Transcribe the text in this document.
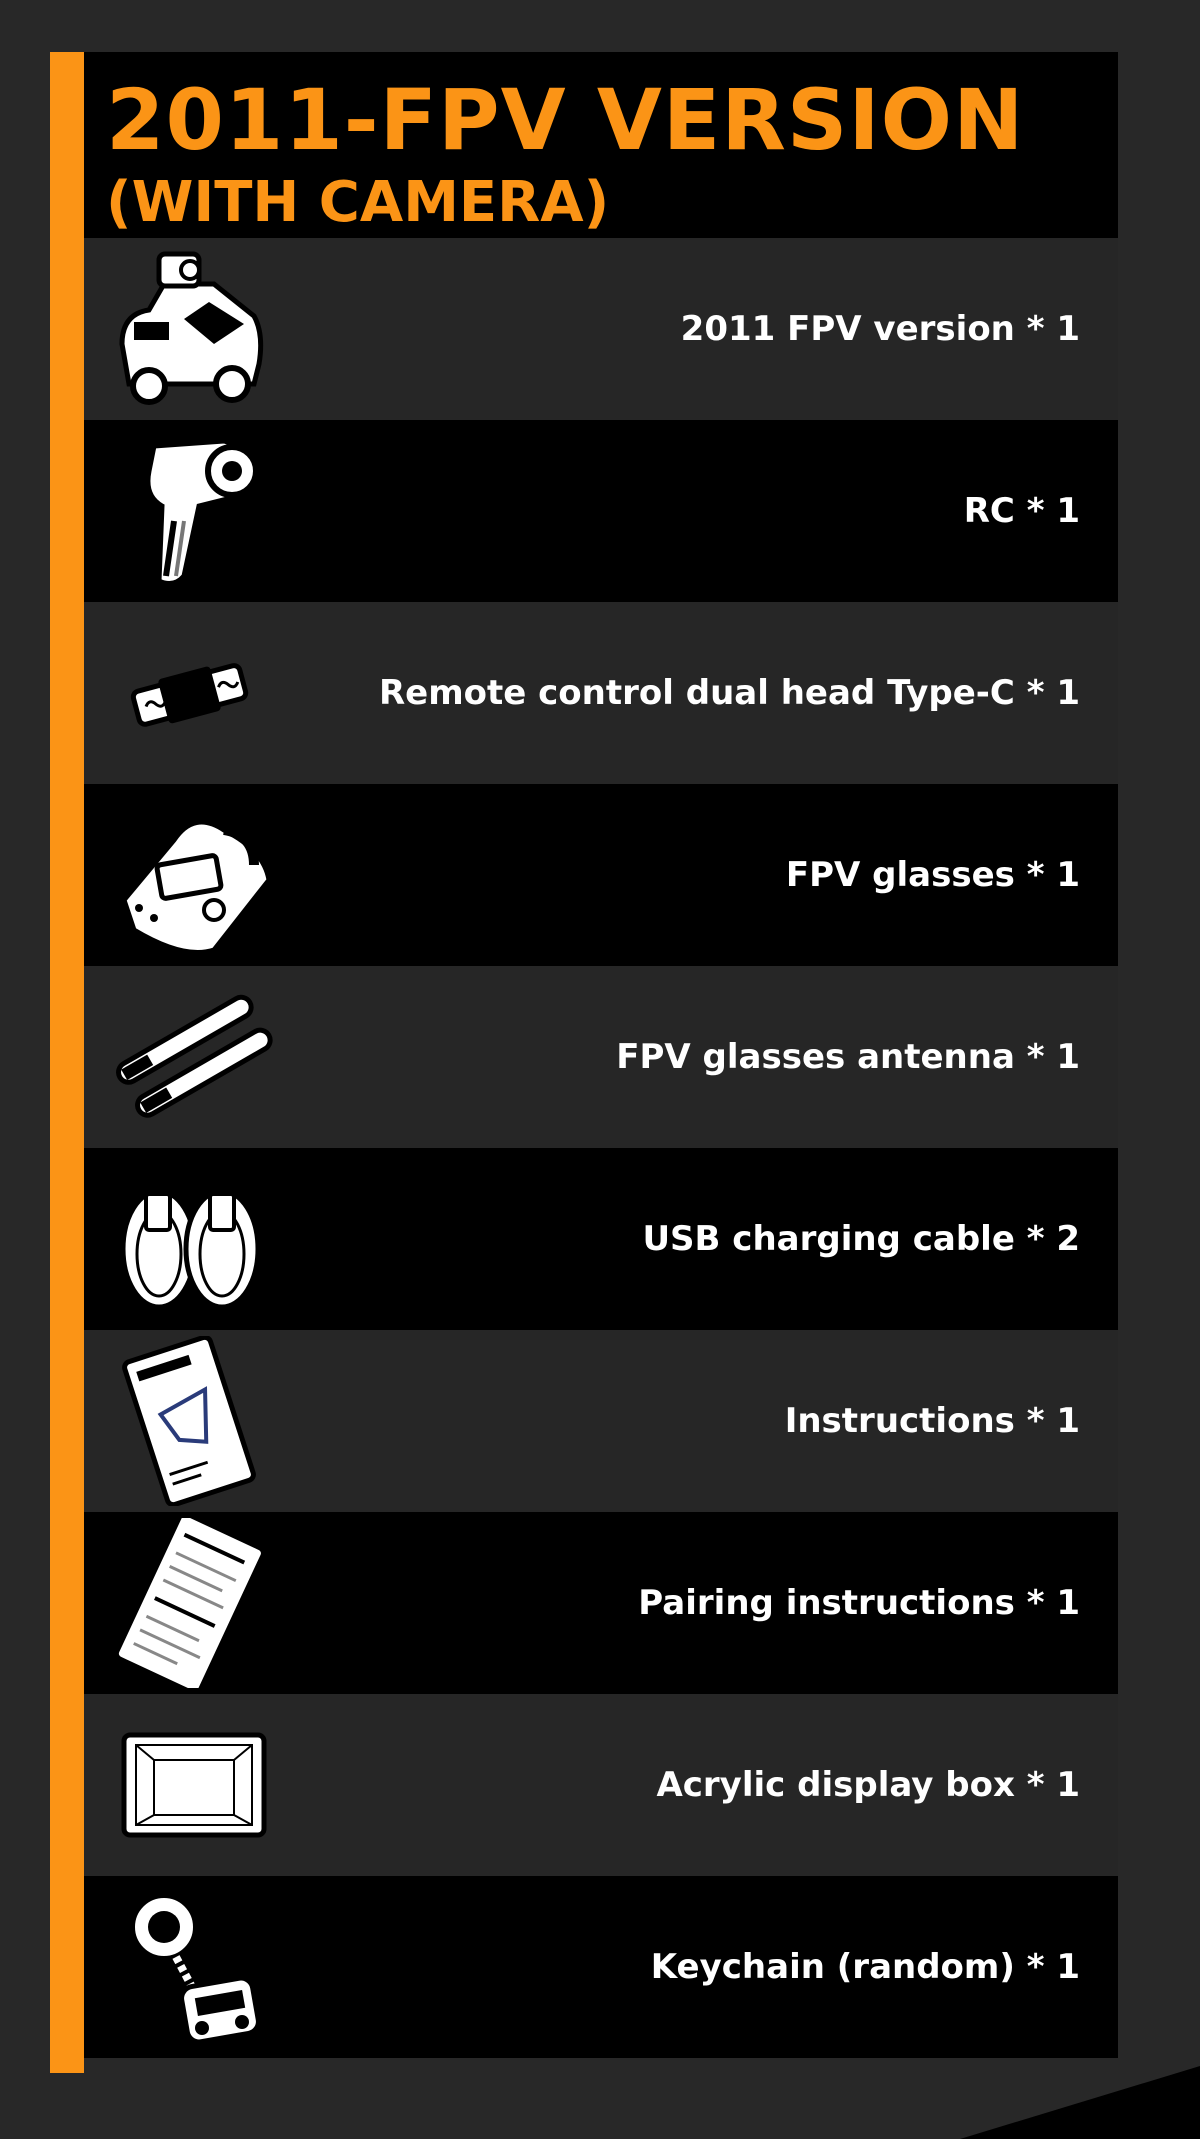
2011-FPV VERSION
(WITH CAMERA)
2011 FPV version * 1
RC * 1
Remote control dual head Type-C * 1
FPV glasses * 1
FPV glasses antenna * 1
USB charging cable * 2
Instructions * 1
Pairing instructions * 1
Acrylic display box * 1
Keychain (random) * 1
